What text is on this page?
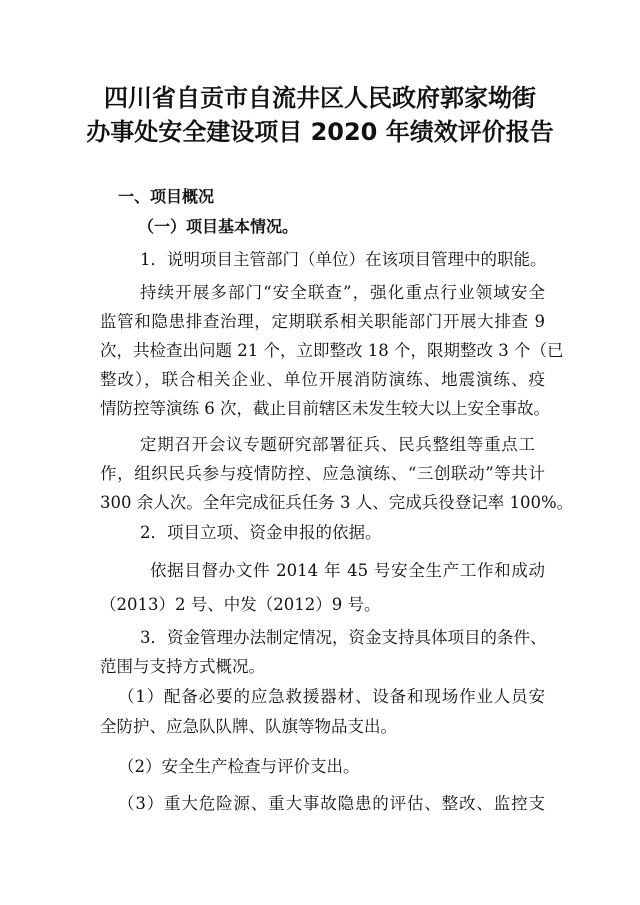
四川省自贡市自流井区人民政府郭家坳街
办事处安全建设项目 2020 年绩效评价报告
一、项目概况
（一）项目基本情况。
1．说明项目主管部门（单位）在该项目管理中的职能。
持续开展多部门“安全联查”，强化重点行业领域安全
监管和隐患排查治理，定期联系相关职能部门开展大排查 9
次，共检查出问题 21 个，立即整改 18 个，限期整改 3 个（已
整改），联合相关企业、单位开展消防演练、地震演练、疫
情防控等演练 6 次，截止目前辖区未发生较大以上安全事故。
定期召开会议专题研究部署征兵、民兵整组等重点工
作，组织民兵参与疫情防控、应急演练、“三创联动”等共计
300 余人次。全年完成征兵任务 3 人、完成兵役登记率 100%。
2．项目立项、资金申报的依据。
依据目督办文件 2014 年 45 号安全生产工作和成动
（2013）2 号、中发（2012）9 号。
3．资金管理办法制定情况，资金支持具体项目的条件、
范围与支持方式概况。
（1）配备必要的应急救援器材、设备和现场作业人员安
全防护、应急队队牌、队旗等物品支出。
（2）安全生产检查与评价支出。
（3）重大危险源、重大事故隐患的评估、整改、监控支
